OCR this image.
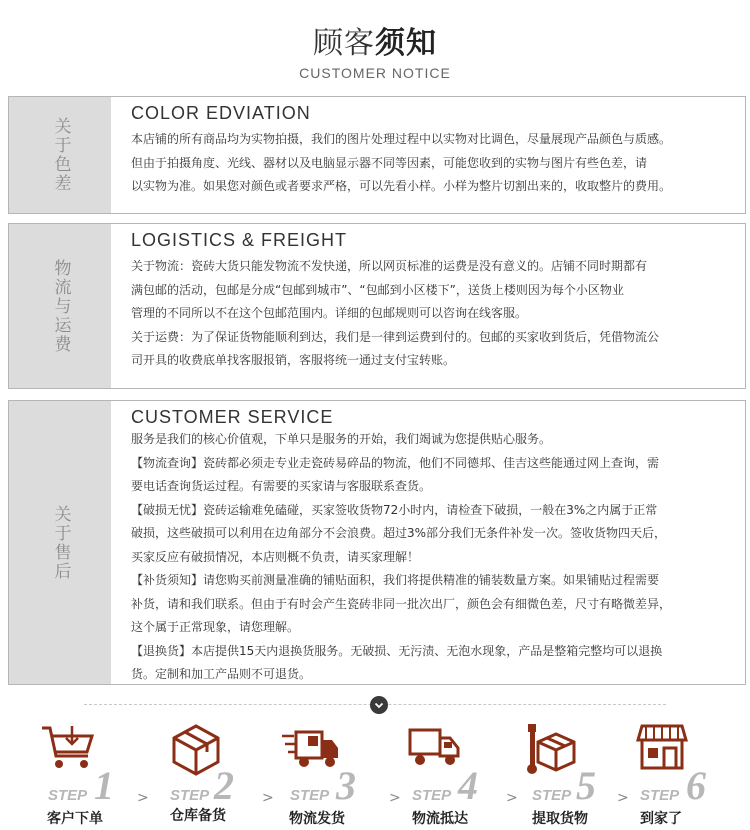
顾客须知
CUSTOMER NOTICE
关于色差
COLOR EDVIATION

本店铺的所有商品均为实物拍摄，我们的图片处理过程中以实物对比调色，尽量展现产品颜色与质感。

但由于拍摄角度、光线、器材以及电脑显示器不同等因素，可能您收到的实物与图片有些色差，请

以实物为准。如果您对颜色或者要求严格，可以先看小样。小样为整片切割出来的，收取整片的费用。

物流与运费
LOGISTICS & FREIGHT

关于物流：瓷砖大货只能发物流不发快递，所以网页标准的运费是没有意义的。店铺不同时期都有

满包邮的活动，包邮是分成“包邮到城市”、“包邮到小区楼下”，送货上楼则因为每个小区物业

管理的不同所以不在这个包邮范围内。详细的包邮规则可以咨询在线客服。

关于运费：为了保证货物能顺利到达，我们是一律到运费到付的。包邮的买家收到货后，凭借物流公

司开具的收费底单找客服报销，客服将统一通过支付宝转账。

关于售后
CUSTOMER SERVICE

服务是我们的核心价值观，下单只是服务的开始，我们竭诚为您提供贴心服务。

【物流查询】瓷砖都必须走专业走瓷砖易碎品的物流，他们不同德邦、佳吉这些能通过网上查询，需

要电话查询货运过程。有需要的买家请与客服联系查货。

【破损无忧】瓷砖运输难免磕碰，买家签收货物72小时内，请检查下破损，一般在3%之内属于正常

破损，这些破损可以利用在边角部分不会浪费。超过3%部分我们无条件补发一次。签收货物四天后，

买家反应有破损情况，本店则概不负责，请买家理解！

【补货须知】请您购买前测量准确的铺贴面积，我们将提供精准的铺装数量方案。如果铺贴过程需要

补货，请和我们联系。但由于有时会产生瓷砖非同一批次出厂，颜色会有细微色差，尺寸有略微差异，

这个属于正常现象，请您理解。

【退换货】本店提供15天内退换货服务。无破损、无污渍、无泡水现象，产品是整箱完整均可以退换

货。定制和加工产品则不可退货。

STEP 1
客户下单
> STEP 2
仓库备货
> STEP 3
物流发货
> STEP 4
物流抵达
> STEP 5
提取货物
> STEP 6
到家了
